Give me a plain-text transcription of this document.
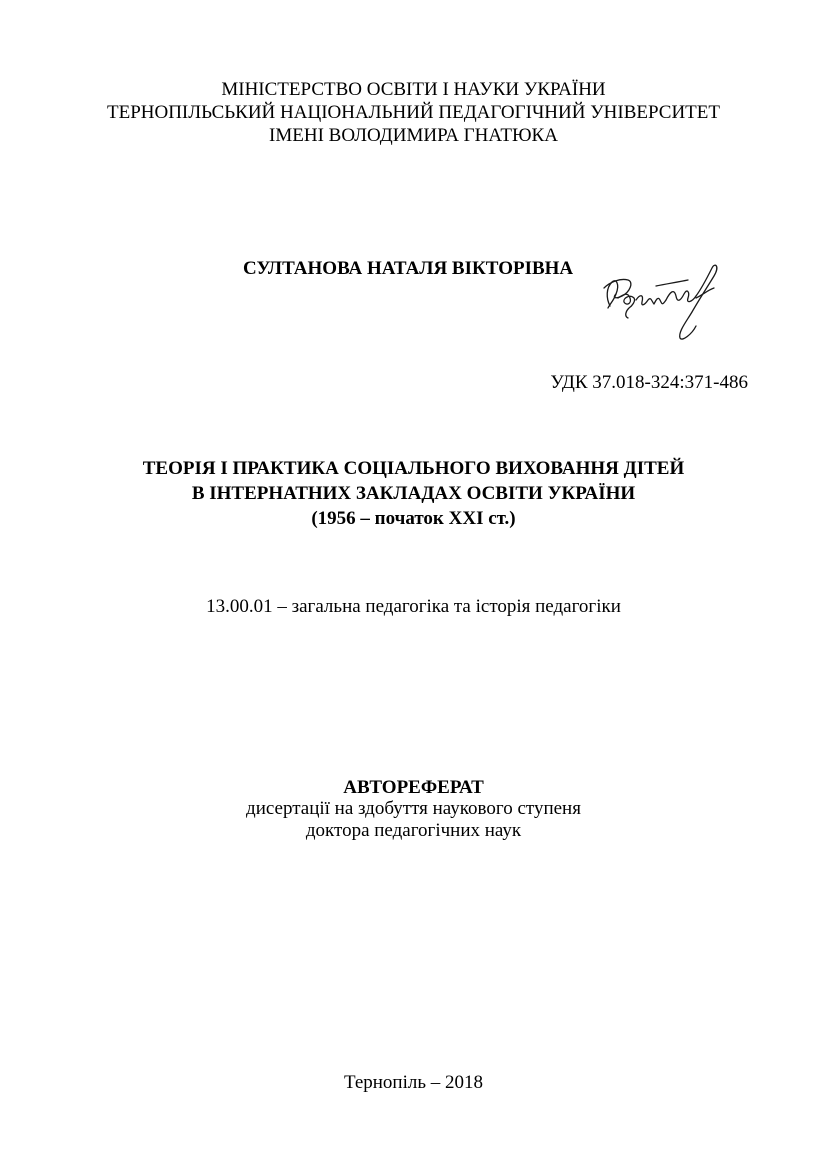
МІНІСТЕРСТВО ОСВІТИ І НАУКИ УКРАЇНИ
ТЕРНОПІЛЬСЬКИЙ НАЦІОНАЛЬНИЙ ПЕДАГОГІЧНИЙ УНІВЕРСИТЕТ
ІМЕНІ ВОЛОДИМИРА ГНАТЮКА
СУЛТАНОВА НАТАЛЯ ВІКТОРІВНА	Султанова
УДК 37.018-324:371-486
ТЕОРІЯ І ПРАКТИКА СОЦІАЛЬНОГО ВИХОВАННЯ ДІТЕЙ
В ІНТЕРНАТНИХ ЗАКЛАДАХ ОСВІТИ УКРАЇНИ
(1956 – початок ХХІ ст.)
13.00.01 – загальна педагогіка та історія педагогіки
АВТОРЕФЕРАТ
дисертації на здобуття наукового ступеня
доктора педагогічних наук
Тернопіль – 2018
